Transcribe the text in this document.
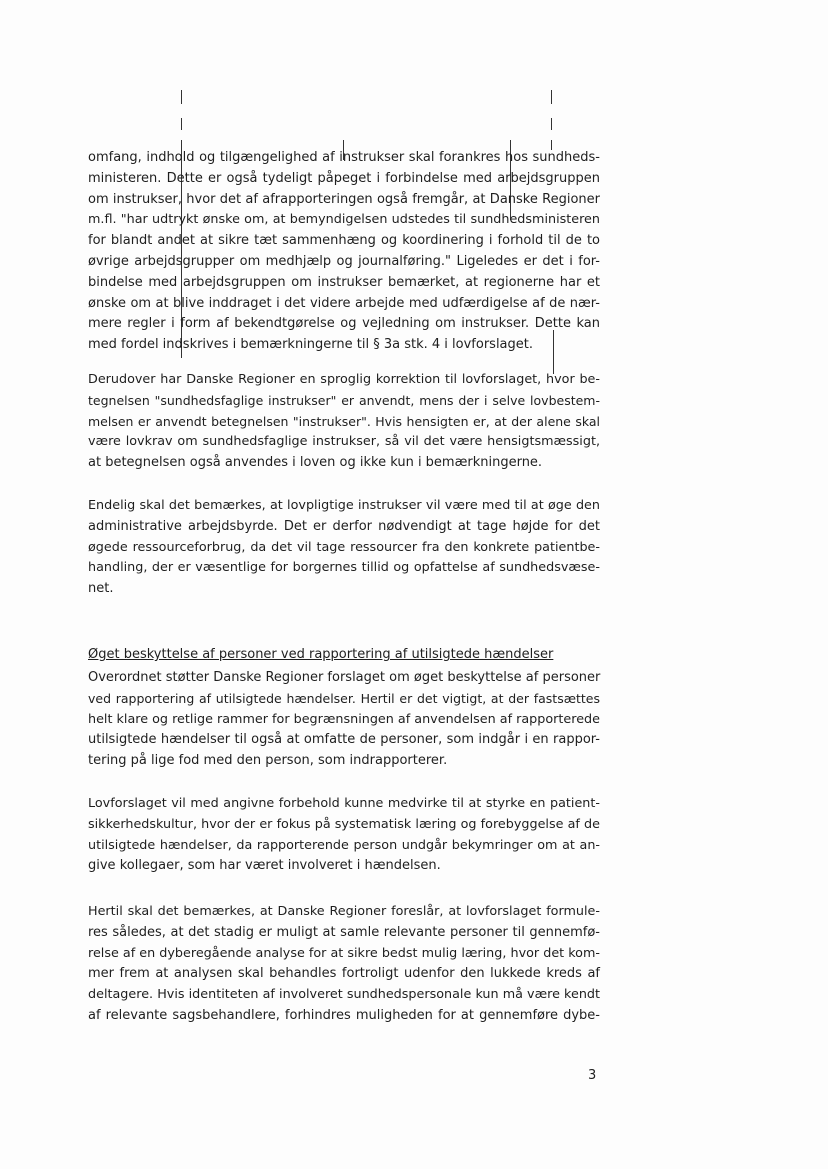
omfang, indhold og tilgængelighed af instrukser skal forankres hos sundheds-
ministeren. Dette er også tydeligt påpeget i forbindelse med arbejdsgruppen
om instrukser, hvor det af afrapporteringen også fremgår, at Danske Regioner
m.fl. "har udtrykt ønske om, at bemyndigelsen udstedes til sundhedsministeren
for blandt andet at sikre tæt sammenhæng og koordinering i forhold til de to
øvrige arbejdsgrupper om medhjælp og journalføring." Ligeledes er det i for-
bindelse med arbejdsgruppen om instrukser bemærket, at regionerne har et
ønske om at blive inddraget i det videre arbejde med udfærdigelse af de nær-
mere regler i form af bekendtgørelse og vejledning om instrukser. Dette kan
med fordel indskrives i bemærkningerne til § 3a stk. 4 i lovforslaget.
Derudover har Danske Regioner en sproglig korrektion til lovforslaget, hvor be-
tegnelsen "sundhedsfaglige instrukser" er anvendt, mens der i selve lovbestem-
melsen er anvendt betegnelsen "instrukser". Hvis hensigten er, at der alene skal
være lovkrav om sundhedsfaglige instrukser, så vil det være hensigtsmæssigt,
at betegnelsen også anvendes i loven og ikke kun i bemærkningerne.
Endelig skal det bemærkes, at lovpligtige instrukser vil være med til at øge den
administrative arbejdsbyrde. Det er derfor nødvendigt at tage højde for det
øgede ressourceforbrug, da det vil tage ressourcer fra den konkrete patientbe-
handling, der er væsentlige for borgernes tillid og opfattelse af sundhedsvæse-
net.
Øget beskyttelse af personer ved rapportering af utilsigtede hændelser
Overordnet støtter Danske Regioner forslaget om øget beskyttelse af personer
ved rapportering af utilsigtede hændelser. Hertil er det vigtigt, at der fastsættes
helt klare og retlige rammer for begrænsningen af anvendelsen af rapporterede
utilsigtede hændelser til også at omfatte de personer, som indgår i en rappor-
tering på lige fod med den person, som indrapporterer.
Lovforslaget vil med angivne forbehold kunne medvirke til at styrke en patient-
sikkerhedskultur, hvor der er fokus på systematisk læring og forebyggelse af de
utilsigtede hændelser, da rapporterende person undgår bekymringer om at an-
give kollegaer, som har været involveret i hændelsen.
Hertil skal det bemærkes, at Danske Regioner foreslår, at lovforslaget formule-
res således, at det stadig er muligt at samle relevante personer til gennemfø-
relse af en dyberegående analyse for at sikre bedst mulig læring, hvor det kom-
mer frem at analysen skal behandles fortroligt udenfor den lukkede kreds af
deltagere. Hvis identiteten af involveret sundhedspersonale kun må være kendt
af relevante sagsbehandlere, forhindres muligheden for at gennemføre dybe-
3
